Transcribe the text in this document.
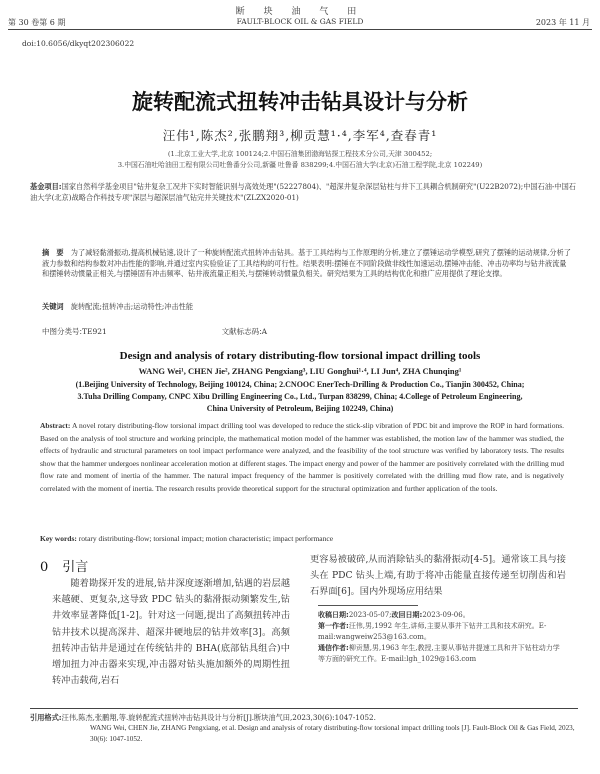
断 块 油 气 田
第 30 卷第 6 期	FAULT-BLOCK OIL & GAS FIELD	2023 年 11 月
doi:10.6056/dkyqt202306022
旋转配流式扭转冲击钻具设计与分析
汪伟¹,陈杰²,张鹏翔³,柳贡慧¹·⁴,李军⁴,查春青¹
(1.北京工业大学,北京 100124;2.中国石油集团渤海钻探工程技术分公司,天津 300452;
3.中国石油吐哈油田工程有限公司吐鲁番分公司,新疆 吐鲁番 838299;4.中国石油大学(北京)石油工程学院,北京 102249)
基金项目:国家自然科学基金项目"钻井复杂工况井下实时智能识别与高效处理"(52227804)、"超深井复杂深层钻柱与井下工具耦合机制研究"(U22B2072);中国石油-中国石油大学(北京)战略合作科技专项"深层与超深层油气钻完井关键技术"(ZLZX2020-01)
摘　要　 为了减轻黏滑振动,提高机械钻速,设计了一种旋转配流式扭转冲击钻具。基于工具结构与工作原理的分析,建立了摆锤运动学模型,研究了摆锤的运动规律,分析了液力参数和结构参数对冲击性能的影响,并通过室内实验验证了工具结构的可行性。结果表明:摆锤在不同阶段做非线性加速运动,摆锤冲击能、冲击功率均与钻井液流量和摆锤转动惯量正相关,与摆锤固有冲击频率、钻井液流量正相关,与摆锤转动惯量负相关。研究结果为工具的结构优化和推广应用提供了理论支撑。
关键词　 旋转配流;扭转冲击;运动特性;冲击性能
中图分类号:TE921	文献标志码:A
Design and analysis of rotary distributing-flow torsional impact drilling tools
WANG Wei¹, CHEN Jie², ZHANG Pengxiang³, LIU Gonghui¹·⁴, LI Jun⁴, ZHA Chunqing¹
(1.Beijing University of Technology, Beijing 100124, China; 2.CNOOC EnerTech-Drilling & Production Co., Tianjin 300452, China;
3.Tuha Drilling Company, CNPC Xibu Drilling Engineering Co., Ltd., Turpan 838299, China; 4.College of Petroleum Engineering,
China University of Petroleum, Beijing 102249, China)
Abstract: A novel rotary distributing-flow torsional impact drilling tool was developed to reduce the stick-slip vibration of PDC bit and improve the ROP in hard formations. Based on the analysis of tool structure and working principle, the mathematical motion model of the hammer was established, the motion law of the hammer was studied, the effects of hydraulic and structural parameters on tool impact performance were analyzed, and the feasibility of the tool structure was verified by laboratory tests. The results show that the hammer undergoes nonlinear acceleration motion at different stages. The impact energy and power of the hammer are positively correlated with the drilling mud flow rate and moment of inertia of the hammer. The natural impact frequency of the hammer is positively correlated with the drilling mud flow rate, and is negatively correlated with the moment of inertia. The research results provide theoretical support for the structural optimization and further application of the tools.
Key words: rotary distributing-flow; torsional impact; motion characteristic; impact performance
0 引言

随着勘探开发的进展,钻井深度逐渐增加,钻遇的岩层越来越硬、更复杂,这导致 PDC 钻头的黏滑振动频繁发生,钻井效率显著降低[1-2]。针对这一问题,提出了高频扭转冲击钻井技术以提高深井、超深井硬地层的钻井效率[3]。高频扭转冲击钻井是通过在传统钻井的 BHA(底部钻具组合)中增加扭力冲击器来实现,冲击器对钻头施加额外的周期性扭转冲击载荷,岩石

更容易被破碎,从而消除钻头的黏滑振动[4-5]。通常该工具与接头在 PDC 钻头上端,有助于将冲击能量直接传递至切削齿和岩石界面[6]。国内外现场应用结果

收稿日期:2023-05-07;改回日期:2023-09-06。
第一作者:汪伟,男,1992 年生,讲师,主要从事井下钻井工具和技术研究。E-mail:wangweiw253@163.com。
通信作者:柳贡慧,男,1963 年生,教授,主要从事钻井提速工具和井下钻柱动力学等方面的研究工作。E-mail:lgh_1029@163.com
引用格式:汪伟,陈杰,张鹏翔,等.旋转配流式扭转冲击钻具设计与分析[J].断块油气田,2023,30(6):1047-1052.
WANG Wei, CHEN Jie, ZHANG Pengxiang, et al. Design and analysis of rotary distributing-flow torsional impact drilling tools [J]. Fault-Block Oil & Gas Field, 2023, 30(6): 1047-1052.
